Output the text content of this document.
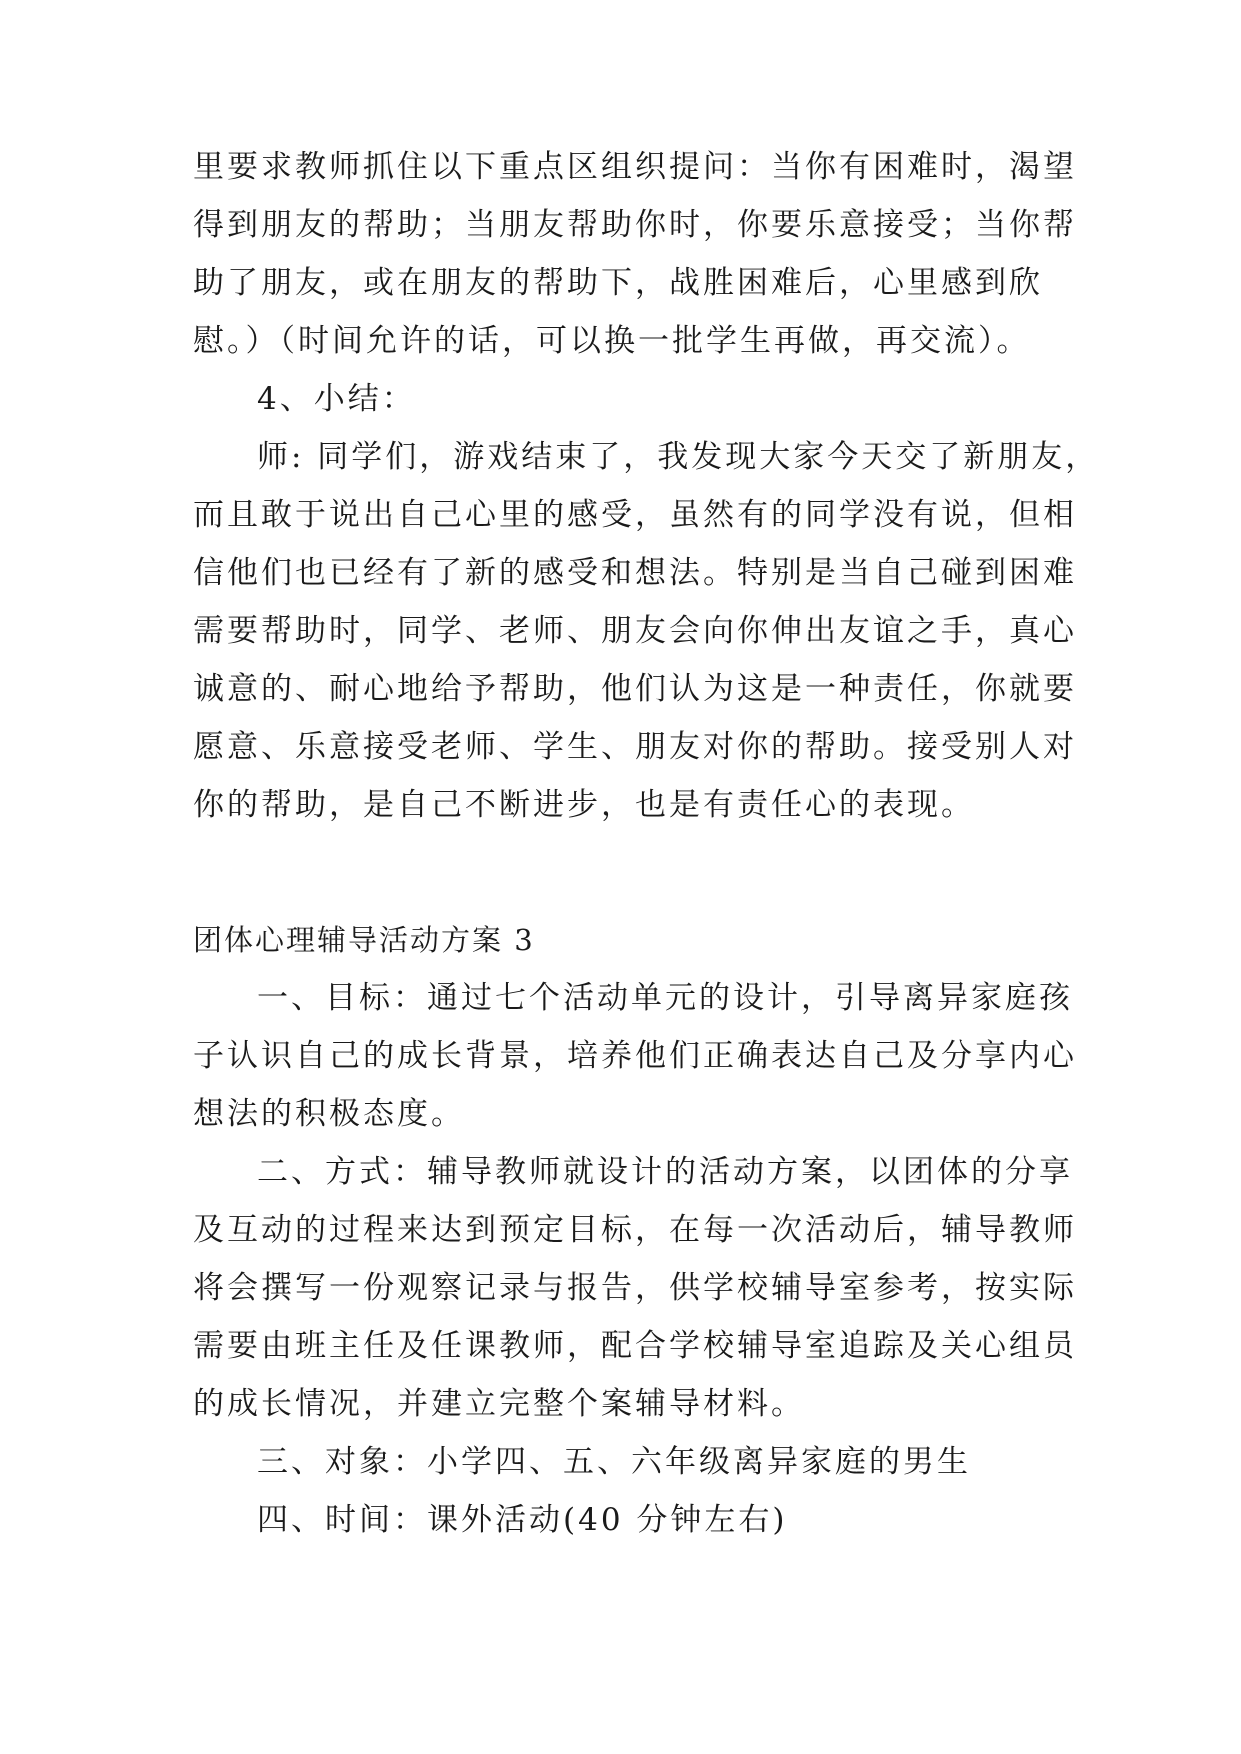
里要求教师抓住以下重点区组织提问：当你有困难时，渴望
得到朋友的帮助；当朋友帮助你时，你要乐意接受；当你帮
助了朋友，或在朋友的帮助下，战胜困难后，心里感到欣
慰。）（时间允许的话，可以换一批学生再做，再交流）。
4、小结：
师: 同学们，游戏结束了，我发现大家今天交了新朋友，
而且敢于说出自己心里的感受，虽然有的同学没有说，但相
信他们也已经有了新的感受和想法。特别是当自己碰到困难
需要帮助时，同学、老师、朋友会向你伸出友谊之手，真心
诚意的、耐心地给予帮助，他们认为这是一种责任，你就要
愿意、乐意接受老师、学生、朋友对你的帮助。接受别人对
你的帮助，是自己不断进步，也是有责任心的表现。
团体心理辅导活动方案 3
一、目标：通过七个活动单元的设计，引导离异家庭孩
子认识自己的成长背景，培养他们正确表达自己及分享内心
想法的积极态度。
二、方式：辅导教师就设计的活动方案，以团体的分享
及互动的过程来达到预定目标，在每一次活动后，辅导教师
将会撰写一份观察记录与报告，供学校辅导室参考，按实际
需要由班主任及任课教师，配合学校辅导室追踪及关心组员
的成长情况，并建立完整个案辅导材料。
三、对象：小学四、五、六年级离异家庭的男生
四、时间：课外活动(40 分钟左右)
